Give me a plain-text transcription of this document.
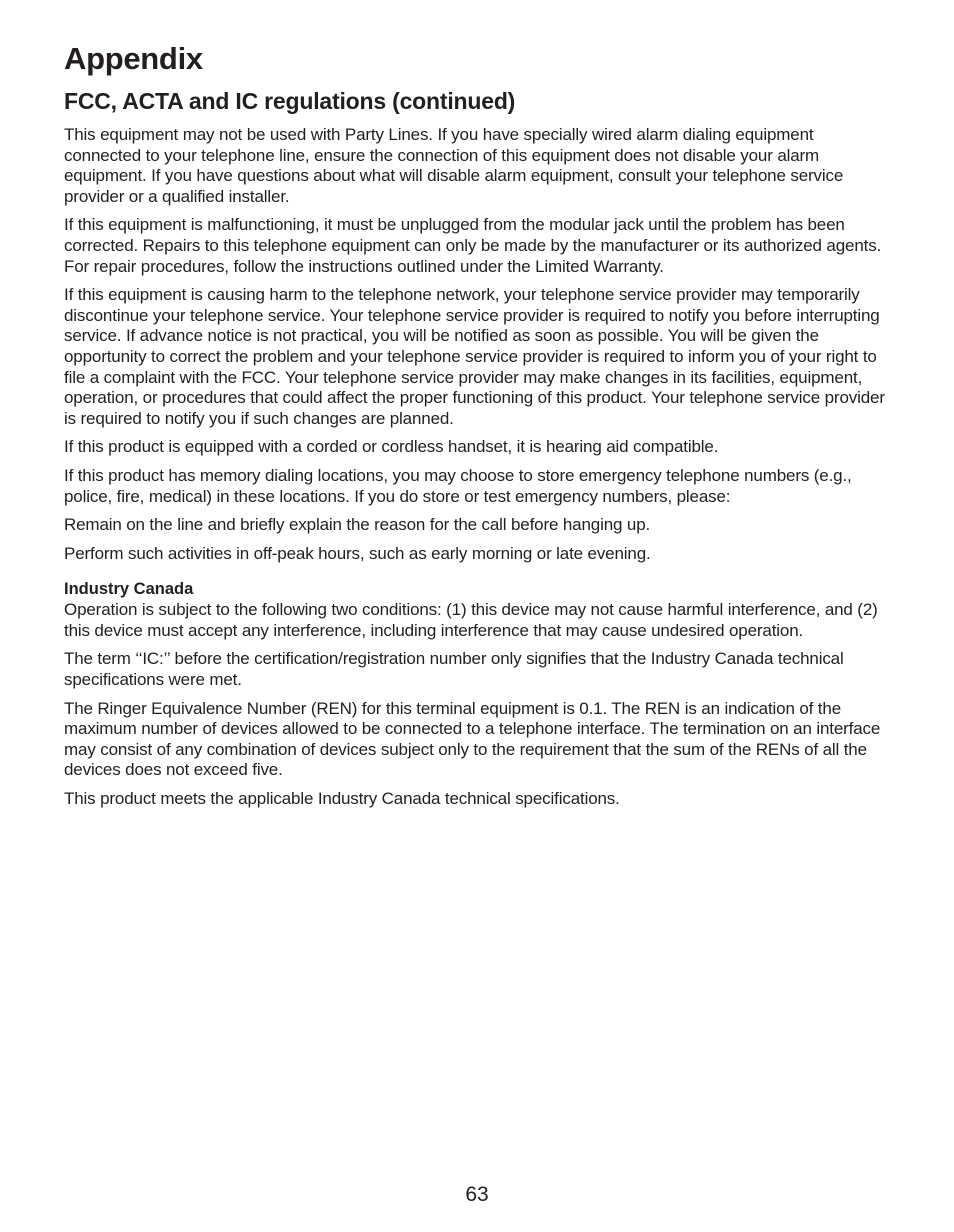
Appendix
FCC, ACTA and IC regulations (continued)

This equipment may not be used with Party Lines. If you have specially wired alarm dialing equipment connected to your telephone line, ensure the connection of this equipment does not disable your alarm equipment. If you have questions about what will disable alarm equipment, consult your telephone service provider or a qualified installer.

If this equipment is malfunctioning, it must be unplugged from the modular jack until the problem has been corrected. Repairs to this telephone equipment can only be made by the manufacturer or its authorized agents. For repair procedures, follow the instructions outlined under the Limited Warranty.

If this equipment is causing harm to the telephone network, your telephone service provider may temporarily discontinue your telephone service. Your telephone service provider is required to notify you before interrupting service. If advance notice is not practical, you will be notified as soon as possible. You will be given the opportunity to correct the problem and your telephone service provider is required to inform you of your right to file a complaint with the FCC. Your telephone service provider may make changes in its facilities, equipment, operation, or procedures that could affect the proper functioning of this product. Your telephone service provider is required to notify you if such changes are planned.

If this product is equipped with a corded or cordless handset, it is hearing aid compatible.

If this product has memory dialing locations, you may choose to store emergency telephone numbers (e.g., police, fire, medical) in these locations. If you do store or test emergency numbers, please:

Remain on the line and briefly explain the reason for the call before hanging up.

Perform such activities in off-peak hours, such as early morning or late evening.

Industry Canada

Operation is subject to the following two conditions: (1) this device may not cause harmful interference, and (2) this device must accept any interference, including interference that may cause undesired operation.

The term ‘‘IC:’’ before the certification/registration number only signifies that the Industry Canada technical specifications were met.

The Ringer Equivalence Number (REN) for this terminal equipment is 0.1. The REN is an indication of the maximum number of devices allowed to be connected to a telephone interface. The termination on an interface may consist of any combination of devices subject only to the requirement that the sum of the RENs of all the devices does not exceed five.

This product meets the applicable Industry Canada technical specifications.

63
